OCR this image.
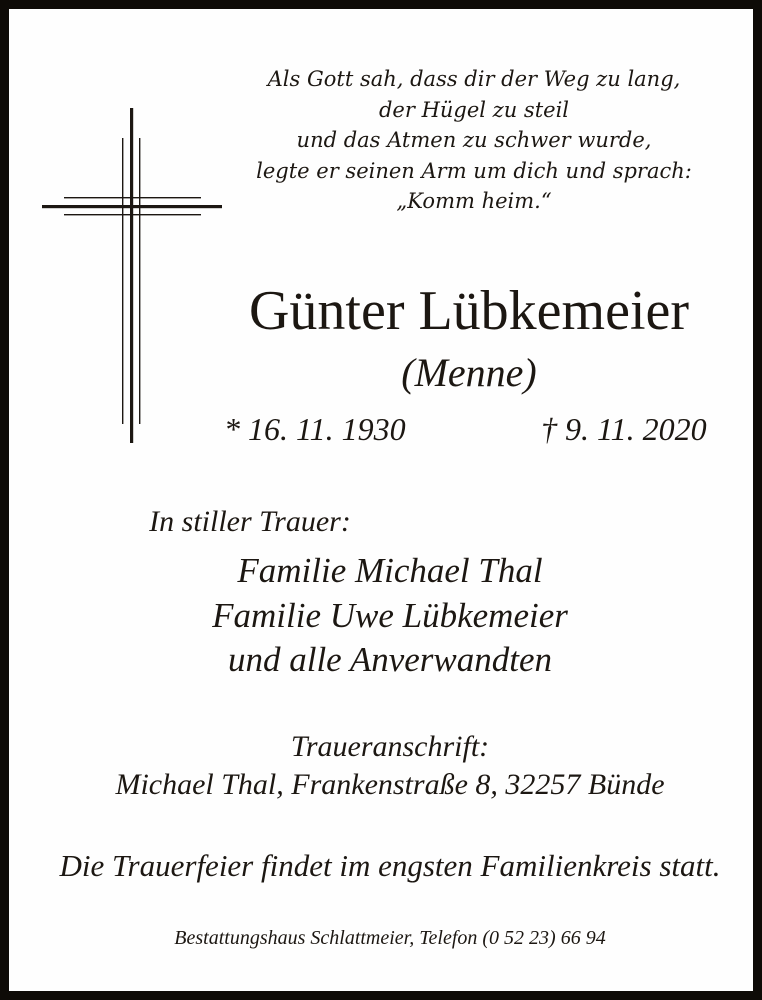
Als Gott sah, dass dir der Weg zu lang,
der Hügel zu steil
und das Atmen zu schwer wurde,
legte er seinen Arm um dich und sprach:
„Komm heim.“
Günter Lübkemeier
(Menne)
* 16. 11. 1930	† 9. 11. 2020
In stiller Trauer:
Familie Michael Thal
Familie Uwe Lübkemeier
und alle Anverwandten
Traueranschrift:
Michael Thal, Frankenstraße 8, 32257 Bünde
Die Trauerfeier findet im engsten Familienkreis statt.
Bestattungshaus Schlattmeier, Telefon (0 52 23) 66 94
